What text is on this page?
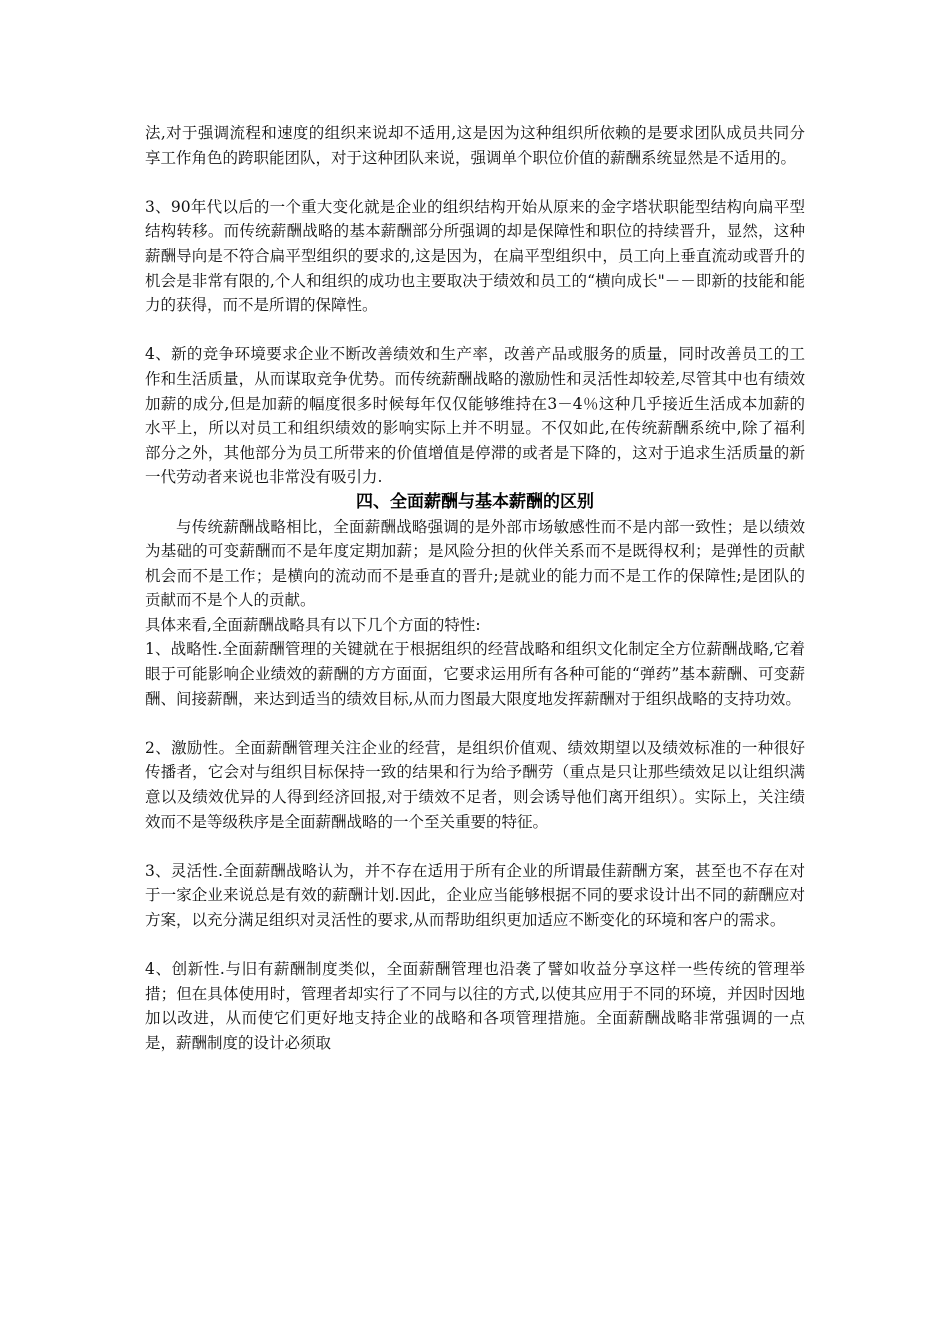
法,对于强调流程和速度的组织来说却不适用,这是因为这种组织所依赖的是要求团队成员共同分享工作角色的跨职能团队，对于这种团队来说，强调单个职位价值的薪酬系统显然是不适用的。

3、90年代以后的一个重大变化就是企业的组织结构开始从原来的金字塔状职能型结构向扁平型结构转移。而传统薪酬战略的基本薪酬部分所强调的却是保障性和职位的持续晋升，显然，这种薪酬导向是不符合扁平型组织的要求的,这是因为，在扁平型组织中，员工向上垂直流动或晋升的机会是非常有限的,个人和组织的成功也主要取决于绩效和员工的“横向成长"－－即新的技能和能力的获得，而不是所谓的保障性。

4、新的竞争环境要求企业不断改善绩效和生产率，改善产品或服务的质量，同时改善员工的工作和生活质量，从而谋取竞争优势。而传统薪酬战略的激励性和灵活性却较差,尽管其中也有绩效加薪的成分,但是加薪的幅度很多时候每年仅仅能够维持在3－4％这种几乎接近生活成本加薪的水平上，所以对员工和组织绩效的影响实际上并不明显。不仅如此,在传统薪酬系统中,除了福利部分之外，其他部分为员工所带来的价值增值是停滞的或者是下降的，这对于追求生活质量的新一代劳动者来说也非常没有吸引力.

四、全面薪酬与基本薪酬的区别

与传统薪酬战略相比，全面薪酬战略强调的是外部市场敏感性而不是内部一致性；是以绩效为基础的可变薪酬而不是年度定期加薪；是风险分担的伙伴关系而不是既得权利；是弹性的贡献机会而不是工作；是横向的流动而不是垂直的晋升;是就业的能力而不是工作的保障性;是团队的贡献而不是个人的贡献。

具体来看,全面薪酬战略具有以下几个方面的特性:

1、战略性.全面薪酬管理的关键就在于根据组织的经营战略和组织文化制定全方位薪酬战略,它着眼于可能影响企业绩效的薪酬的方方面面，它要求运用所有各种可能的“弹药”基本薪酬、可变薪酬、间接薪酬，来达到适当的绩效目标,从而力图最大限度地发挥薪酬对于组织战略的支持功效。

2、激励性。全面薪酬管理关注企业的经营，是组织价值观、绩效期望以及绩效标准的一种很好传播者，它会对与组织目标保持一致的结果和行为给予酬劳（重点是只让那些绩效足以让组织满意以及绩效优异的人得到经济回报,对于绩效不足者，则会诱导他们离开组织）。实际上，关注绩效而不是等级秩序是全面薪酬战略的一个至关重要的特征。

3、灵活性.全面薪酬战略认为，并不存在适用于所有企业的所谓最佳薪酬方案，甚至也不存在对于一家企业来说总是有效的薪酬计划.因此，企业应当能够根据不同的要求设计出不同的薪酬应对方案，以充分满足组织对灵活性的要求,从而帮助组织更加适应不断变化的环境和客户的需求。

4、创新性.与旧有薪酬制度类似，全面薪酬管理也沿袭了譬如收益分享这样一些传统的管理举措；但在具体使用时，管理者却实行了不同与以往的方式,以使其应用于不同的环境，并因时因地加以改进，从而使它们更好地支持企业的战略和各项管理措施。全面薪酬战略非常强调的一点是，薪酬制度的设计必须取
